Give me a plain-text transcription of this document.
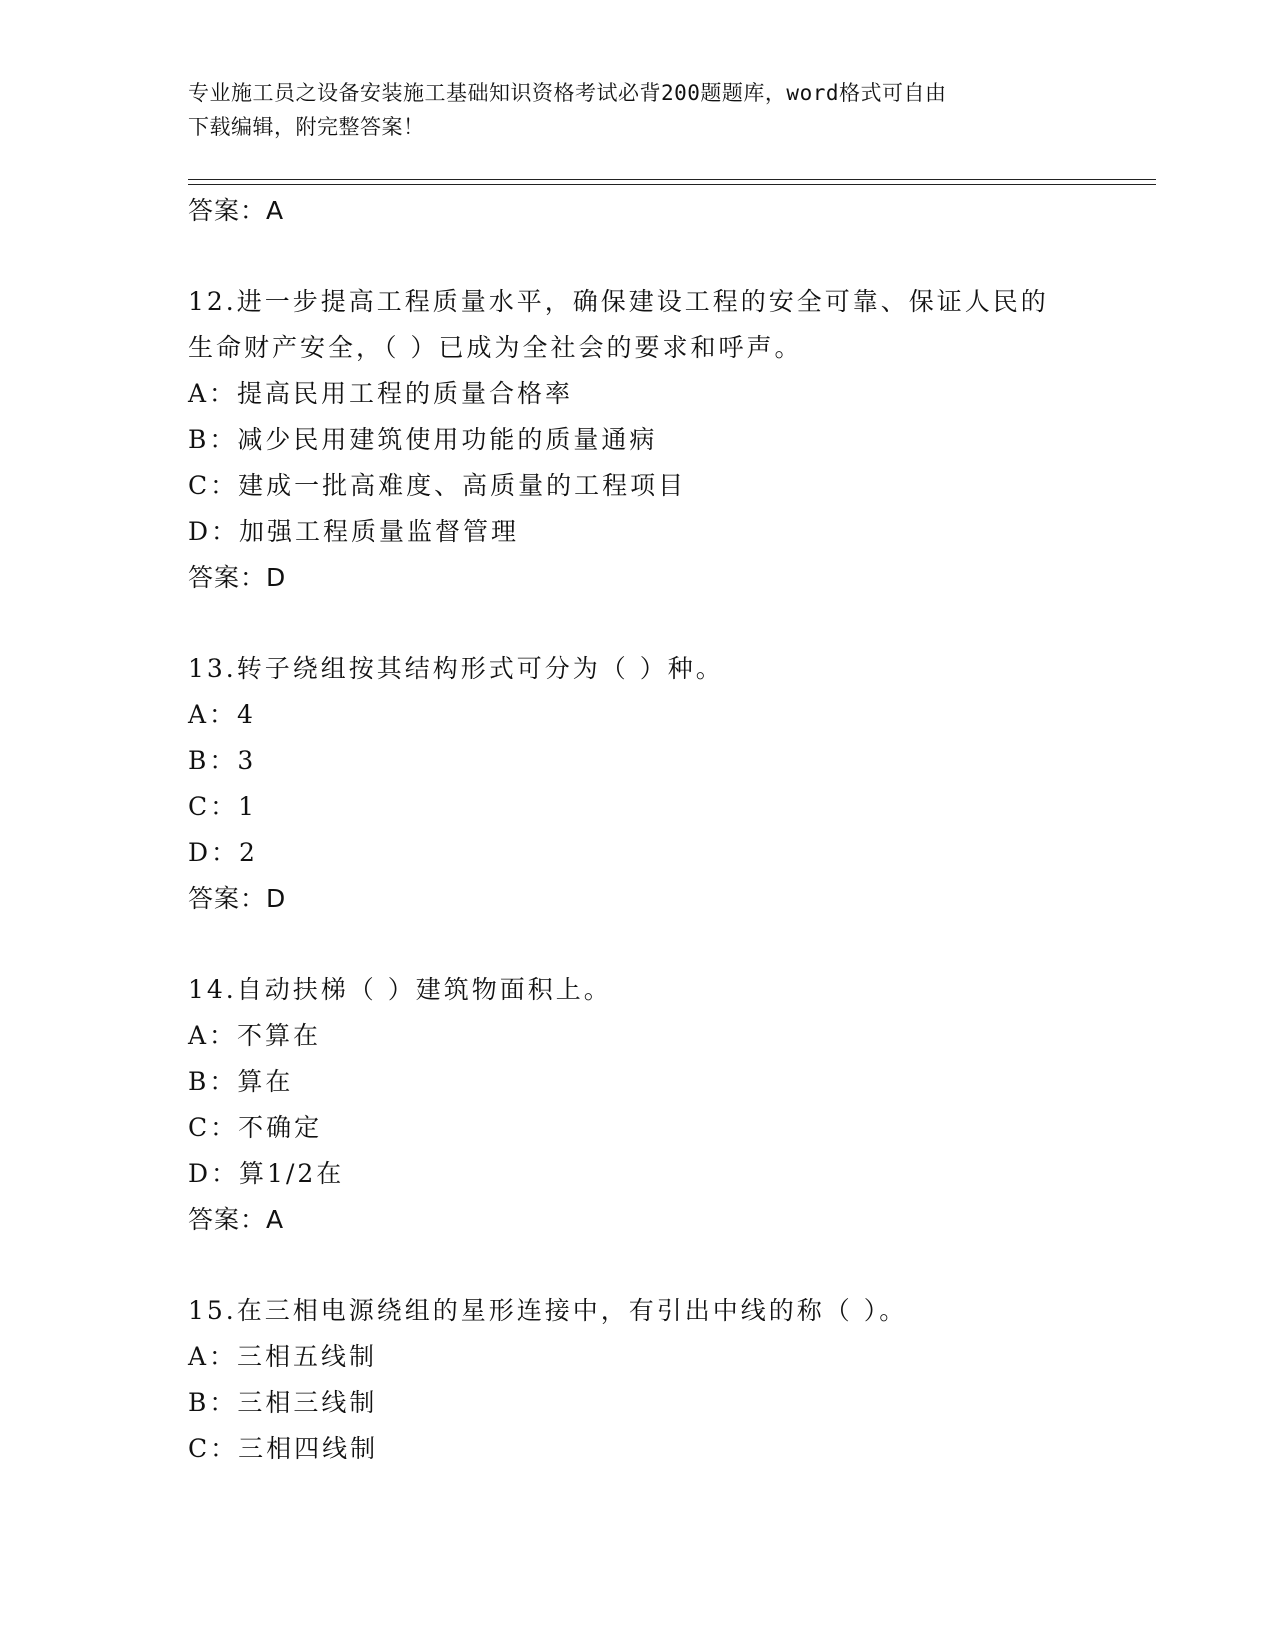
专业施工员之设备安装施工基础知识资格考试必背200题题库，word格式可自由
下载编辑，附完整答案！
答案：A
12.进一步提高工程质量水平，确保建设工程的安全可靠、保证人民的
生命财产安全，（ ）已成为全社会的要求和呼声。
A：提高民用工程的质量合格率
B：减少民用建筑使用功能的质量通病
C：建成一批高难度、高质量的工程项目
D：加强工程质量监督管理
答案：D
13.转子绕组按其结构形式可分为（ ）种。
A：4
B：3
C：1
D：2
答案：D
14.自动扶梯（ ）建筑物面积上。
A：不算在
B：算在
C：不确定
D：算1/2在
答案：A
15.在三相电源绕组的星形连接中，有引出中线的称（ ）。
A：三相五线制
B：三相三线制
C：三相四线制
